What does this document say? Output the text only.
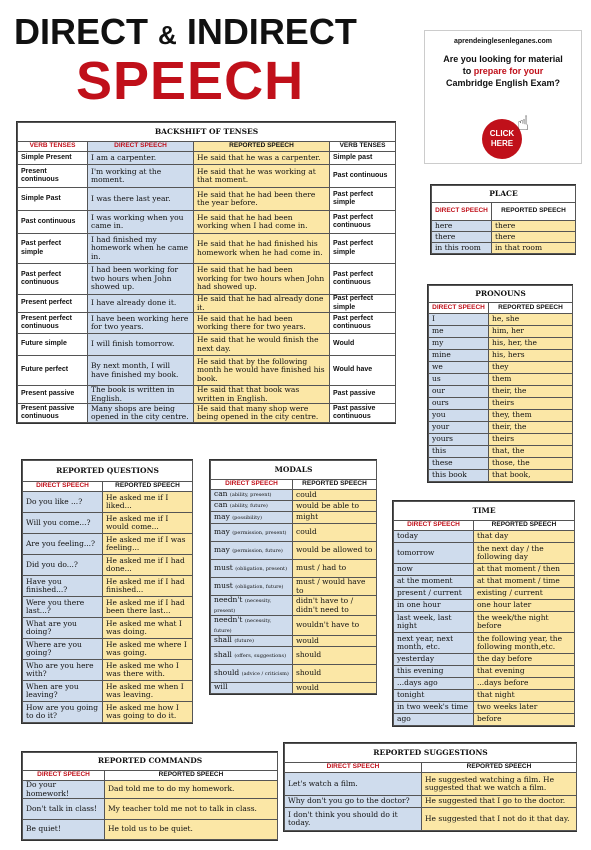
DIRECT & INDIRECT
SPEECH
aprendeinglesenleganes.com
Are you looking for material
to prepare for your
Cambridge English Exam?
CLICK HERE
☝
BACKSHIFT OF TENSES			
VERB TENSES	DIRECT SPEECH	REPORTED SPEECH	VERB TENSES
Simple Present	I am a carpenter.	He said that he was a carpenter.	Simple past
Present continuous	I'm working at the moment.	He said that he was working at that moment.	Past continuous
Simple Past	I was there last year.	He said that he had been there the year before.	Past perfect simple
Past continuous	I was working when you came in.	He said that he had been working when I had come in.	Past perfect continuous
Past perfect simple	I had finished my homework when he came in.	He said that he had finished his homework when he had come in.	Past perfect simple
Past perfect continuous	I had been working for two hours when John showed up.	He said that he had been working for two hours when John had showed up.	Past perfect continuous
Present perfect	I have already done it.	He said that he had already done it.	Past perfect simple
Present perfect continuous	I have been working here for two years.	He said that he had been working there for two years.	Past perfect continuous
Future simple	I will finish tomorrow.	He said that he would finish the next day.	Would
Future perfect	By next month, I will have finished my book.	He said that by the following month he would have finished his book.	Would have
Present passive	The book is written in English.	He said that that book was written in English.	Past passive
Present passive continuous	Many shops are being opened in the city centre.	He said that many shop were being opened in the city centre.	Past passive continuous
PLACE	
DIRECT SPEECH	REPORTED SPEECH
here	there
there	there
in this room	in that room
PRONOUNS	
DIRECT SPEECH	REPORTED SPEECH
I	he, she
me	him, her
my	his, her, the
mine	his, hers
we	they
us	them
our	their, the
ours	theirs
you	they, them
your	their, the
yours	theirs
this	that, the
these	those, the
this book	that book,
REPORTED QUESTIONS	
DIRECT SPEECH	REPORTED SPEECH
Do you like ...?	He asked me if I liked...
Will you come...?	He asked me if I would come...
Are you feeling...?	He asked me if I was feeling...
Did you do...?	He asked me if I had done...
Have you finished...?	He asked me if I had finished...
Were you there last...?	He asked me if I had been there last...
What are you doing?	He asked me what I was doing.
Where are you going?	He asked me where I was going.
Who are you here with?	He asked me who I was there with.
When are you leaving?	He asked me when I was leaving.
How are you going to do it?	He asked me how I was going to do it.
MODALS	
DIRECT SPEECH	REPORTED SPEECH
can (ability, present)	could
can (ability, future)	would be able to
may (possibility)	might
may (permission, present)	could
may (permission, future)	would be allowed to
must (obligation, present)	must / had to
must (obligation, future)	must / would have to
needn't (necessity, present)	didn't have to / didn't need to
needn't (necessity, future)	wouldn't have to
shall (future)	would
shall (offers, suggestions)	should
should (advice / criticism)	should
will	would
TIME	
DIRECT SPEECH	REPORTED SPEECH
today	that day
tomorrow	the next day / the following day
now	at that moment / then
at the moment	at that moment / time
present / current	existing / current
in one hour	one hour later
last week, last night	the week/the night before
next year, next month, etc.	the following year, the following month,etc.
yesterday	the day before
this evening	that evening
...days ago	...days before
tonight	that night
in two week's time	two weeks later
ago	before
REPORTED COMMANDS	
DIRECT SPEECH	REPORTED SPEECH
Do your homework!	Dad told me to do my homework.
Don't talk in class!	My teacher told me not to talk in class.
Be quiet!	He told us to be quiet.
REPORTED SUGGESTIONS	
DIRECT SPEECH	REPORTED SPEECH
Let's watch a film.	He suggested watching a film. He suggested that we watch a film.
Why don't you go to the doctor?	He suggested that I go to the doctor.
I don't think you should do it today.	He suggested that I not do it that day.
